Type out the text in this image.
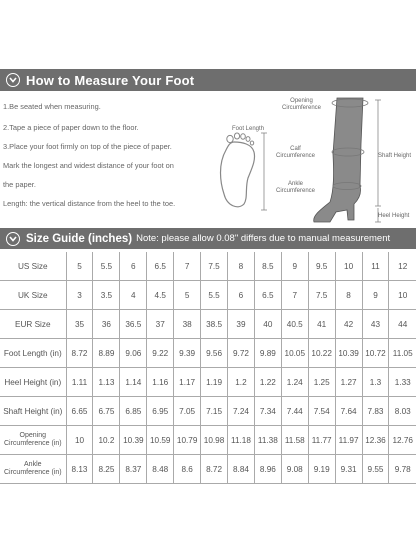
How to Measure Your Foot
1.Be seated when measuring.
2.Tape a piece of paper down to the floor.
3.Place your foot firmly on top of the piece of paper.
Mark the longest and widest distance of your foot on
the paper.
Length: the vertical distance from the heel to the toe.
Foot Length
Opening
Circumference
Calf
Circumference
Ankle
Circumference
Shaft Height
Heel Height
Size Guide (inches) Note: please allow 0.08" differs due to manual measurement
US Size	5	5.5	6	6.5	7	7.5	8	8.5	9	9.5	10	11	12
UK Size	3	3.5	4	4.5	5	5.5	6	6.5	7	7.5	8	9	10
EUR Size	35	36	36.5	37	38	38.5	39	40	40.5	41	42	43	44
Foot Length (in)	8.72	8.89	9.06	9.22	9.39	9.56	9.72	9.89	10.05	10.22	10.39	10.72	11.05
Heel Height (in)	1.11	1.13	1.14	1.16	1.17	1.19	1.2	1.22	1.24	1.25	1.27	1.3	1.33
Shaft Height (in)	6.65	6.75	6.85	6.95	7.05	7.15	7.24	7.34	7.44	7.54	7.64	7.83	8.03
Opening
Circumference (in)	10	10.2	10.39	10.59	10.79	10.98	11.18	11.38	11.58	11.77	11.97	12.36	12.76
Ankle
Circumference (in)	8.13	8.25	8.37	8.48	8.6	8.72	8.84	8.96	9.08	9.19	9.31	9.55	9.78
